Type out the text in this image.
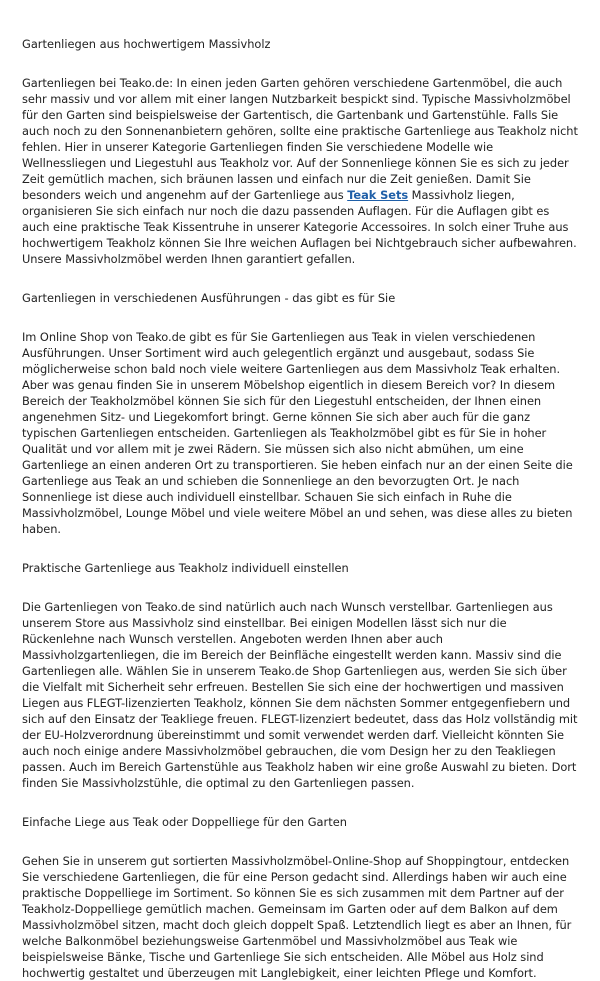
Gartenliegen aus hochwertigem Massivholz

Gartenliegen bei Teako.de: In einen jeden Garten gehören verschiedene Gartenmöbel, die auch sehr massiv und vor allem mit einer langen Nutzbarkeit bespickt sind. Typische Massivholzmöbel für den Garten sind beispielsweise der Gartentisch, die Gartenbank und Gartenstühle. Falls Sie auch noch zu den Sonnenanbietern gehören, sollte eine praktische Gartenliege aus Teakholz nicht fehlen. Hier in unserer Kategorie Gartenliegen finden Sie verschiedene Modelle wie Wellnessliegen und Liegestuhl aus Teakholz vor. Auf der Sonnenliege können Sie es sich zu jeder Zeit gemütlich machen, sich bräunen lassen und einfach nur die Zeit genießen. Damit Sie besonders weich und angenehm auf der Gartenliege aus Teak Sets Massivholz liegen, organisieren Sie sich einfach nur noch die dazu passenden Auflagen. Für die Auflagen gibt es auch eine praktische Teak Kissentruhe in unserer Kategorie Accessoires. In solch einer Truhe aus hochwertigem Teakholz können Sie Ihre weichen Auflagen bei Nichtgebrauch sicher aufbewahren. Unsere Massivholzmöbel werden Ihnen garantiert gefallen.

Gartenliegen in verschiedenen Ausführungen - das gibt es für Sie

Im Online Shop von Teako.de gibt es für Sie Gartenliegen aus Teak in vielen verschiedenen Ausführungen. Unser Sortiment wird auch gelegentlich ergänzt und ausgebaut, sodass Sie möglicherweise schon bald noch viele weitere Gartenliegen aus dem Massivholz Teak erhalten. Aber was genau finden Sie in unserem Möbelshop eigentlich in diesem Bereich vor? In diesem Bereich der Teakholzmöbel können Sie sich für den Liegestuhl entscheiden, der Ihnen einen angenehmen Sitz- und Liegekomfort bringt. Gerne können Sie sich aber auch für die ganz typischen Gartenliegen entscheiden. Gartenliegen als Teakholzmöbel gibt es für Sie in hoher Qualität und vor allem mit je zwei Rädern. Sie müssen sich also nicht abmühen, um eine Gartenliege an einen anderen Ort zu transportieren. Sie heben einfach nur an der einen Seite die Gartenliege aus Teak an und schieben die Sonnenliege an den bevorzugten Ort. Je nach Sonnenliege ist diese auch individuell einstellbar. Schauen Sie sich einfach in Ruhe die Massivholzmöbel, Lounge Möbel und viele weitere Möbel an und sehen, was diese alles zu bieten haben.

Praktische Gartenliege aus Teakholz individuell einstellen

Die Gartenliegen von Teako.de sind natürlich auch nach Wunsch verstellbar. Gartenliegen aus unserem Store aus Massivholz sind einstellbar. Bei einigen Modellen lässt sich nur die Rückenlehne nach Wunsch verstellen. Angeboten werden Ihnen aber auch Massivholzgartenliegen, die im Bereich der Beinfläche eingestellt werden kann. Massiv sind die Gartenliegen alle. Wählen Sie in unserem Teako.de Shop Gartenliegen aus, werden Sie sich über die Vielfalt mit Sicherheit sehr erfreuen. Bestellen Sie sich eine der hochwertigen und massiven Liegen aus FLEGT-lizenzierten Teakholz, können Sie dem nächsten Sommer entgegenfiebern und sich auf den Einsatz der Teakliege freuen. FLEGT-lizenziert bedeutet, dass das Holz vollständig mit der EU-Holzverordnung übereinstimmt und somit verwendet werden darf. Vielleicht könnten Sie auch noch einige andere Massivholzmöbel gebrauchen, die vom Design her zu den Teakliegen passen. Auch im Bereich Gartenstühle aus Teakholz haben wir eine große Auswahl zu bieten. Dort finden Sie Massivholzstühle, die optimal zu den Gartenliegen passen.

Einfache Liege aus Teak oder Doppelliege für den Garten

Gehen Sie in unserem gut sortierten Massivholzmöbel-Online-Shop auf Shoppingtour, entdecken Sie verschiedene Gartenliegen, die für eine Person gedacht sind. Allerdings haben wir auch eine praktische Doppelliege im Sortiment. So können Sie es sich zusammen mit dem Partner auf der Teakholz-Doppelliege gemütlich machen. Gemeinsam im Garten oder auf dem Balkon auf dem Massivholzmöbel sitzen, macht doch gleich doppelt Spaß. Letztendlich liegt es aber an Ihnen, für welche Balkonmöbel beziehungsweise Gartenmöbel und Massivholzmöbel aus Teak wie beispielsweise Bänke, Tische und Gartenliege Sie sich entscheiden. Alle Möbel aus Holz sind hochwertig gestaltet und überzeugen mit Langlebigkeit, einer leichten Pflege und Komfort.
